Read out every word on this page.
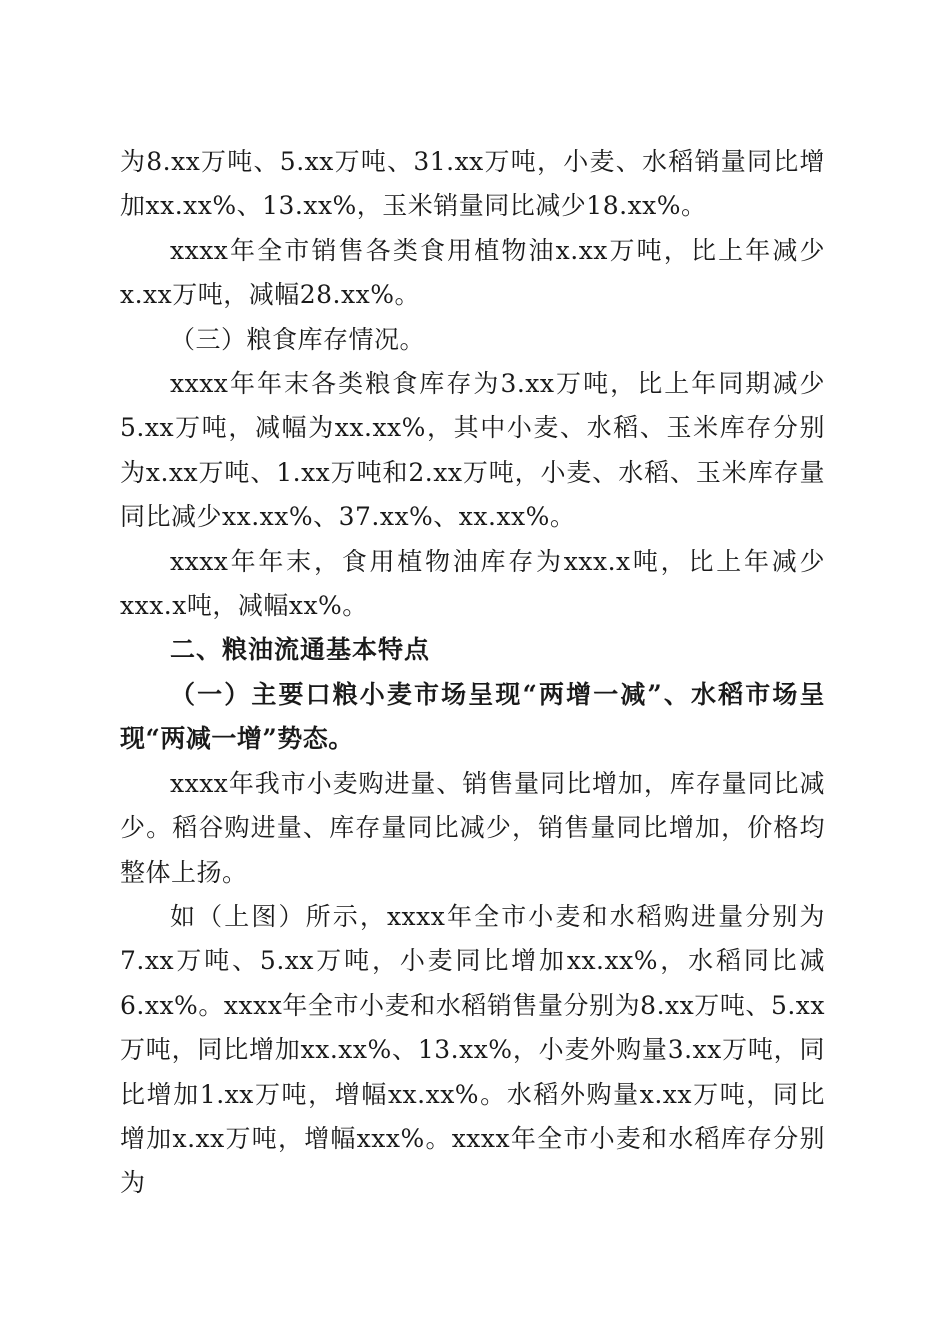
为8.xx万吨、5.xx万吨、31.xx万吨，小麦、水稻销量同比增加xx.xx%、13.xx%，玉米销量同比减少18.xx%。

xxxx年全市销售各类食用植物油x.xx万吨，比上年减少x.xx万吨，减幅28.xx%。

（三）粮食库存情况。

xxxx年年末各类粮食库存为3.xx万吨，比上年同期减少5.xx万吨，减幅为xx.xx%，其中小麦、水稻、玉米库存分别为x.xx万吨、1.xx万吨和2.xx万吨，小麦、水稻、玉米库存量同比减少xx.xx%、37.xx%、xx.xx%。

xxxx年年末，食用植物油库存为xxx.x吨，比上年减少xxx.x吨，减幅xx%。

二、粮油流通基本特点

（一）主要口粮小麦市场呈现“两增一减”、水稻市场呈现“两减一增”势态。

xxxx年我市小麦购进量、销售量同比增加，库存量同比减少。稻谷购进量、库存量同比减少，销售量同比增加，价格均整体上扬。

如（上图）所示，xxxx年全市小麦和水稻购进量分别为7.xx万吨、5.xx万吨，小麦同比增加xx.xx%，水稻同比减6.xx%。xxxx年全市小麦和水稻销售量分别为8.xx万吨、5.xx万吨，同比增加xx.xx%、13.xx%，小麦外购量3.xx万吨，同比增加1.xx万吨，增幅xx.xx%。水稻外购量x.xx万吨，同比增加x.xx万吨，增幅xxx%。xxxx年全市小麦和水稻库存分别为
